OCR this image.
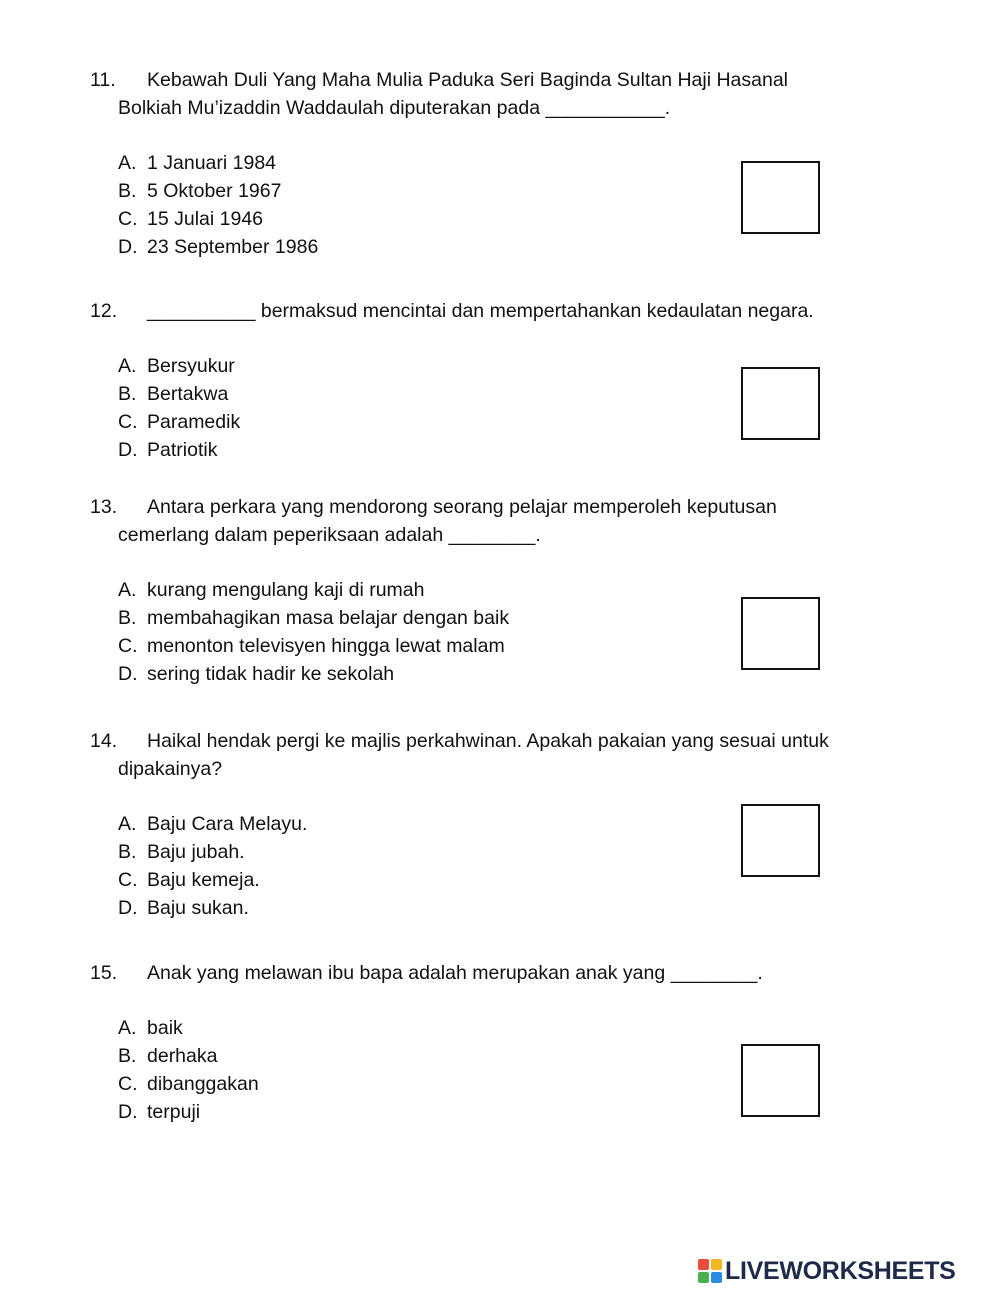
11.	Kebawah Duli Yang Maha Mulia Paduka Seri Baginda Sultan Haji Hasanal
Bolkiah Mu’izaddin Waddaulah diputerakan pada ___________.
A. 1 Januari 1984
B. 5 Oktober 1967
C. 15 Julai 1946
D. 23 September 1986
12.	__________ bermaksud mencintai dan mempertahankan kedaulatan negara.
A. Bersyukur
B. Bertakwa
C. Paramedik
D. Patriotik
13.	Antara perkara yang mendorong seorang pelajar memperoleh keputusan
cemerlang dalam peperiksaan adalah ________.
A. kurang mengulang kaji di rumah
B. membahagikan masa belajar dengan baik
C. menonton televisyen hingga lewat malam
D. sering tidak hadir ke sekolah
14.	Haikal hendak pergi ke majlis perkahwinan. Apakah pakaian yang sesuai untuk
dipakainya?
A. Baju Cara Melayu.
B. Baju jubah.
C. Baju kemeja.
D. Baju sukan.
15.	Anak yang melawan ibu bapa adalah merupakan anak yang ________.
A. baik
B. derhaka
C. dibanggakan
D. terpuji
LIVEWORKSHEETS
